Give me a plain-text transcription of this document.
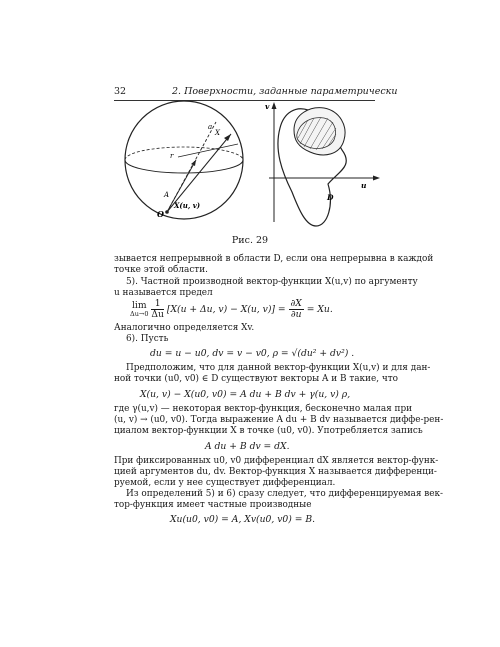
32	2. Поверхности, заданные параметрически
O
X
a
r
A
X(u, v)
v
u
D
Рис. 29
зывается непрерывной в области D, если она непрерывна в каждой
точке этой области.
5). Частной производной вектор-функции X(u,v) по аргументу
u называется предел
lim
Δu→0
$\frac{1}{\Delta u} [X(u + \Delta u$, v) − X(u, $v)] = \frac{\partial X}{\partial u} = Xu$.
Аналогично определяется Xv.
6). Пусть
du = u − u0, dv = v − v0, ρ = √(du² + dv²) .
Предположим, что для данной вектор-функции X(u,v) и для дан-
ной точки (u0, v0) ∈ D существуют векторы A и B такие, что
X(u, v) − X(u0, v0) = A du + B dv + γ(u, v) ρ,
где γ(u,v) — некоторая вектор-функция, бесконечно малая при
(u, v) → (u0, v0). Тогда выражение A du + B dv называется диффе-рен-
циалом вектор-функции X в точке (u0, v0). Употребляется запись
A du + B dv = dX.
При фиксированных u0, v0 дифференциал dX является вектор-функ-
цией аргументов du, dv. Вектор-функция X называется дифференци-
руемой, если у нее существует дифференциал.
Из определений 5) и 6) сразу следует, что дифференцируемая век-
тор-функция имеет частные производные
Xu(u0, v0) = A, Xv(u0, v0) = B.
